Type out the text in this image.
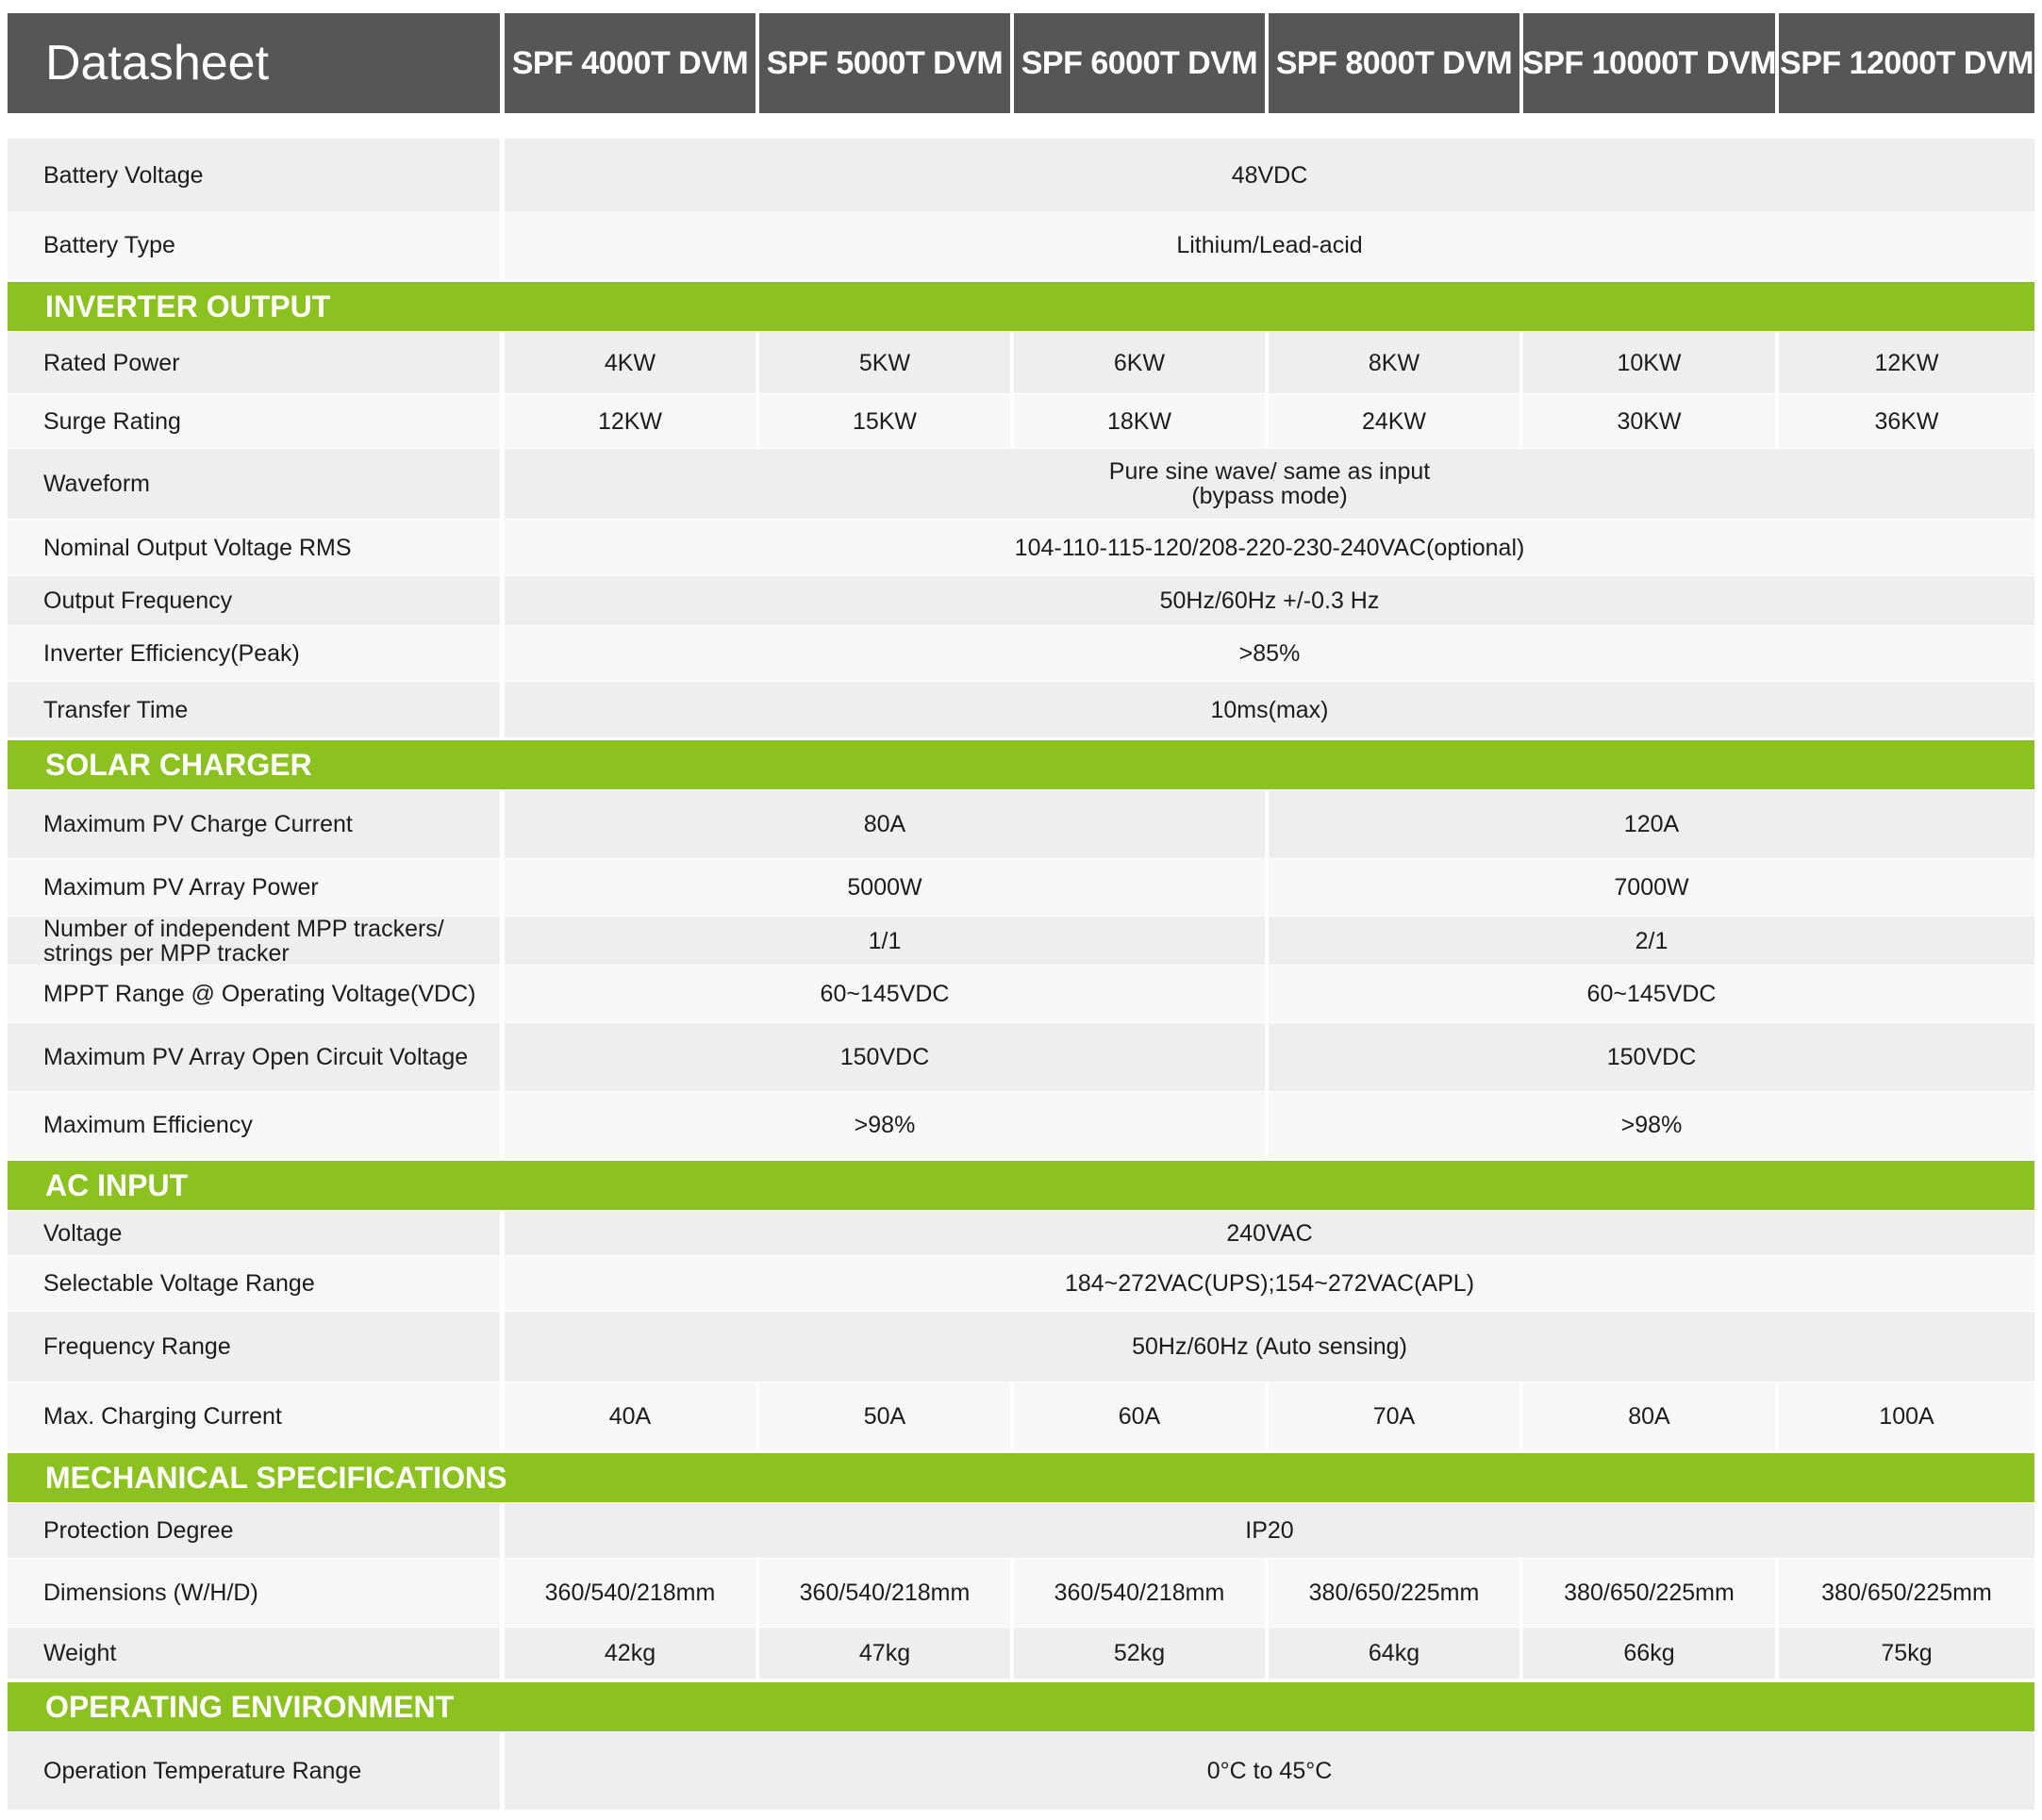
Datasheet	SPF 4000T DVM SPF 5000T DVM SPF 6000T DVM SPF 8000T DVM SPF 10000T DVM SPF 12000T DVM
Battery Voltage	48VDC
Battery Type	Lithium/Lead-acid
INVERTER OUTPUT
Rated Power	4KW	5KW	6KW	8KW	10KW	12KW
Surge Rating	12KW	15KW	18KW	24KW	30KW	36KW
Waveform	Pure sine wave/ same as input
(bypass mode)
Nominal Output Voltage RMS	104-110-115-120/208-220-230-240VAC(optional)
Output Frequency	50Hz/60Hz +/-0.3 Hz
Inverter Efficiency(Peak)	>85%
Transfer Time	10ms(max)
SOLAR CHARGER
Maximum PV Charge Current	80A	120A
Maximum PV Array Power	5000W	7000W
Number of independent MPP trackers/
strings per MPP tracker	1/1	2/1
MPPT Range @ Operating Voltage(VDC)	60~145VDC	60~145VDC
Maximum PV Array Open Circuit Voltage	150VDC	150VDC
Maximum Efficiency	>98%	>98%
AC INPUT
Voltage	240VAC
Selectable Voltage Range	184~272VAC(UPS);154~272VAC(APL)
Frequency Range	50Hz/60Hz (Auto sensing)
Max. Charging Current	40A	50A	60A	70A	80A	100A
MECHANICAL SPECIFICATIONS
Protection Degree	IP20
Dimensions (W/H/D)	360/540/218mm	360/540/218mm	360/540/218mm	380/650/225mm	380/650/225mm	380/650/225mm
Weight	42kg	47kg	52kg	64kg	66kg	75kg
OPERATING ENVIRONMENT
Operation Temperature Range	0°C to 45°C
